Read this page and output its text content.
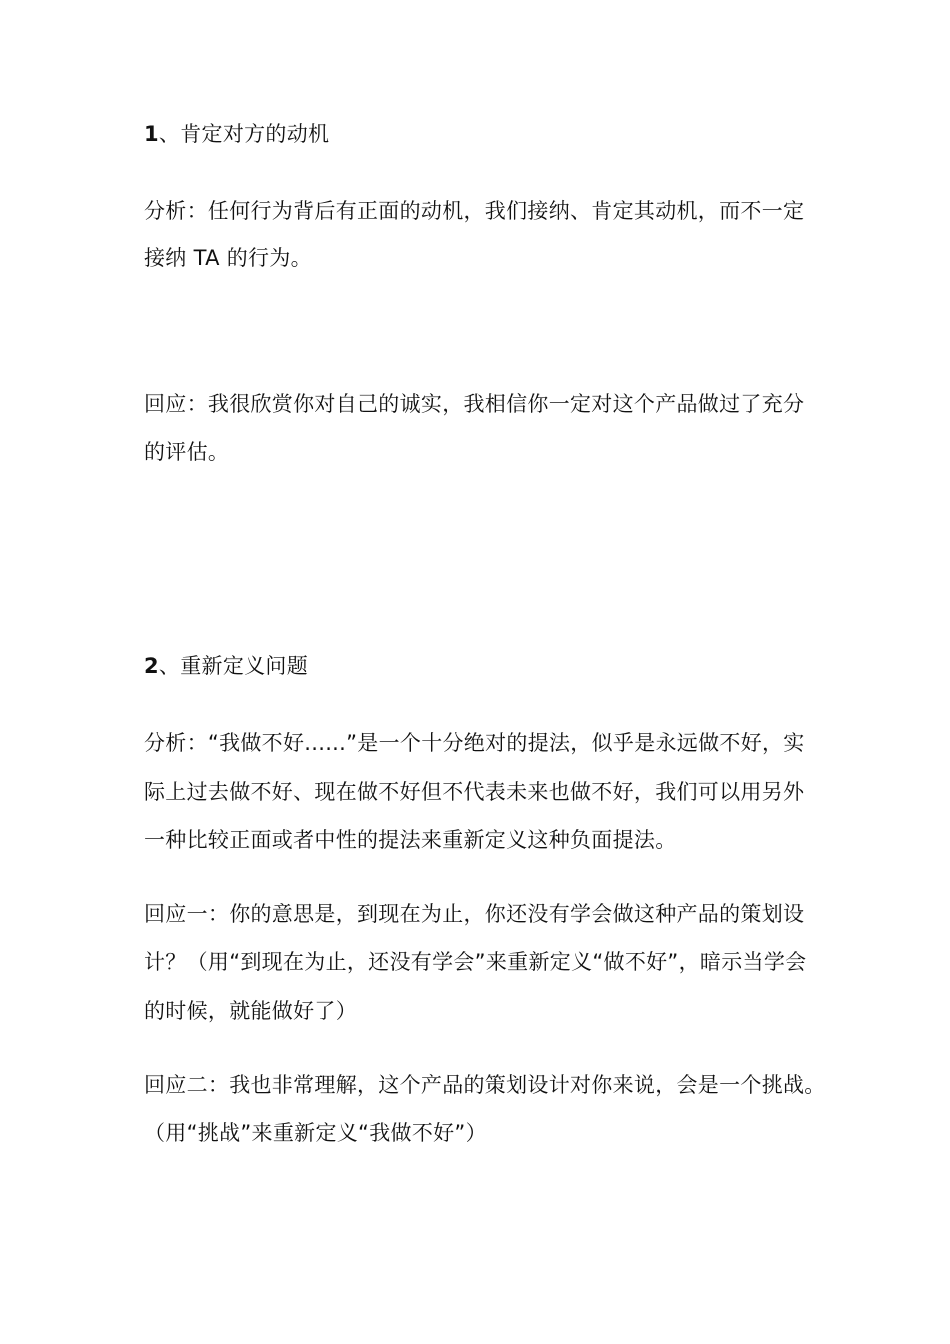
1、肯定对方的动机
分析：任何行为背后有正面的动机，我们接纳、肯定其动机，而不一定
接纳 TA 的行为。
回应：我很欣赏你对自己的诚实，我相信你一定对这个产品做过了充分
的评估。
2、重新定义问题
分析：“我做不好......”是一个十分绝对的提法，似乎是永远做不好，实
际上过去做不好、现在做不好但不代表未来也做不好，我们可以用另外
一种比较正面或者中性的提法来重新定义这种负面提法。
回应一：你的意思是，到现在为止，你还没有学会做这种产品的策划设
计？（用“到现在为止，还没有学会”来重新定义“做不好”，暗示当学会
的时候，就能做好了）
回应二：我也非常理解，这个产品的策划设计对你来说，会是一个挑战。
（用“挑战”来重新定义“我做不好”）
